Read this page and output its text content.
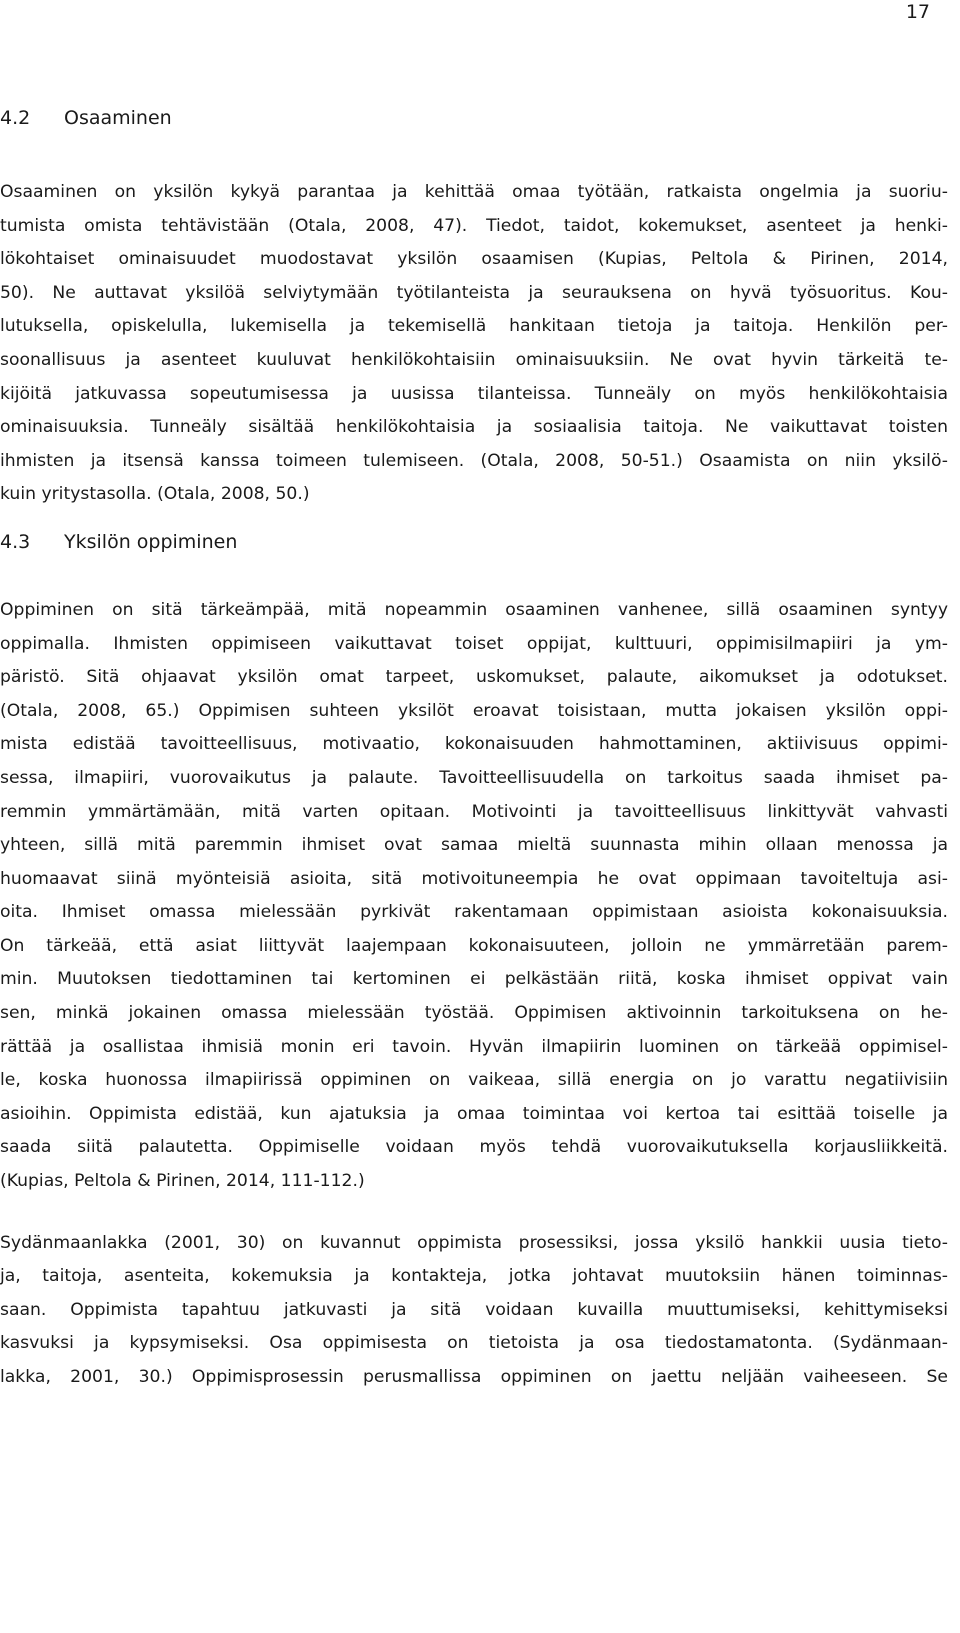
17
4.2	Osaaminen

Osaaminen on yksilön kykyä parantaa ja kehittää omaa työtään, ratkaista ongelmia ja suoriu-
tumista omista tehtävistään (Otala, 2008, 47). Tiedot, taidot, kokemukset, asenteet ja henki-
lökohtaiset ominaisuudet muodostavat yksilön osaamisen (Kupias, Peltola & Pirinen, 2014,
50). Ne auttavat yksilöä selviytymään työtilanteista ja seurauksena on hyvä työsuoritus. Kou-
lutuksella, opiskelulla, lukemisella ja tekemisellä hankitaan tietoja ja taitoja. Henkilön per-
soonallisuus ja asenteet kuuluvat henkilökohtaisiin ominaisuuksiin. Ne ovat hyvin tärkeitä te-
kijöitä jatkuvassa sopeutumisessa ja uusissa tilanteissa. Tunneäly on myös henkilökohtaisia
ominaisuuksia. Tunneäly sisältää henkilökohtaisia ja sosiaalisia taitoja. Ne vaikuttavat toisten
ihmisten ja itsensä kanssa toimeen tulemiseen. (Otala, 2008, 50-51.) Osaamista on niin yksilö-
kuin yritystasolla. (Otala, 2008, 50.)

4.3	Yksilön oppiminen

Oppiminen on sitä tärkeämpää, mitä nopeammin osaaminen vanhenee, sillä osaaminen syntyy
oppimalla. Ihmisten oppimiseen vaikuttavat toiset oppijat, kulttuuri, oppimisilmapiiri ja ym-
päristö. Sitä ohjaavat yksilön omat tarpeet, uskomukset, palaute, aikomukset ja odotukset.
(Otala, 2008, 65.) Oppimisen suhteen yksilöt eroavat toisistaan, mutta jokaisen yksilön oppi-
mista edistää tavoitteellisuus, motivaatio, kokonaisuuden hahmottaminen, aktiivisuus oppimi-
sessa, ilmapiiri, vuorovaikutus ja palaute. Tavoitteellisuudella on tarkoitus saada ihmiset pa-
remmin ymmärtämään, mitä varten opitaan. Motivointi ja tavoitteellisuus linkittyvät vahvasti
yhteen, sillä mitä paremmin ihmiset ovat samaa mieltä suunnasta mihin ollaan menossa ja
huomaavat siinä myönteisiä asioita, sitä motivoituneempia he ovat oppimaan tavoiteltuja asi-
oita. Ihmiset omassa mielessään pyrkivät rakentamaan oppimistaan asioista kokonaisuuksia.
On tärkeää, että asiat liittyvät laajempaan kokonaisuuteen, jolloin ne ymmärretään parem-
min. Muutoksen tiedottaminen tai kertominen ei pelkästään riitä, koska ihmiset oppivat vain
sen, minkä jokainen omassa mielessään työstää. Oppimisen aktivoinnin tarkoituksena on he-
rättää ja osallistaa ihmisiä monin eri tavoin. Hyvän ilmapiirin luominen on tärkeää oppimisel-
le, koska huonossa ilmapiirissä oppiminen on vaikeaa, sillä energia on jo varattu negatiivisiin
asioihin. Oppimista edistää, kun ajatuksia ja omaa toimintaa voi kertoa tai esittää toiselle ja
saada siitä palautetta. Oppimiselle voidaan myös tehdä vuorovaikutuksella korjausliikkeitä.
(Kupias, Peltola & Pirinen, 2014, 111-112.)

Sydänmaanlakka (2001, 30) on kuvannut oppimista prosessiksi, jossa yksilö hankkii uusia tieto-
ja, taitoja, asenteita, kokemuksia ja kontakteja, jotka johtavat muutoksiin hänen toiminnas-
saan. Oppimista tapahtuu jatkuvasti ja sitä voidaan kuvailla muuttumiseksi, kehittymiseksi
kasvuksi ja kypsymiseksi. Osa oppimisesta on tietoista ja osa tiedostamatonta. (Sydänmaan-
lakka, 2001, 30.) Oppimisprosessin perusmallissa oppiminen on jaettu neljään vaiheeseen. Se
